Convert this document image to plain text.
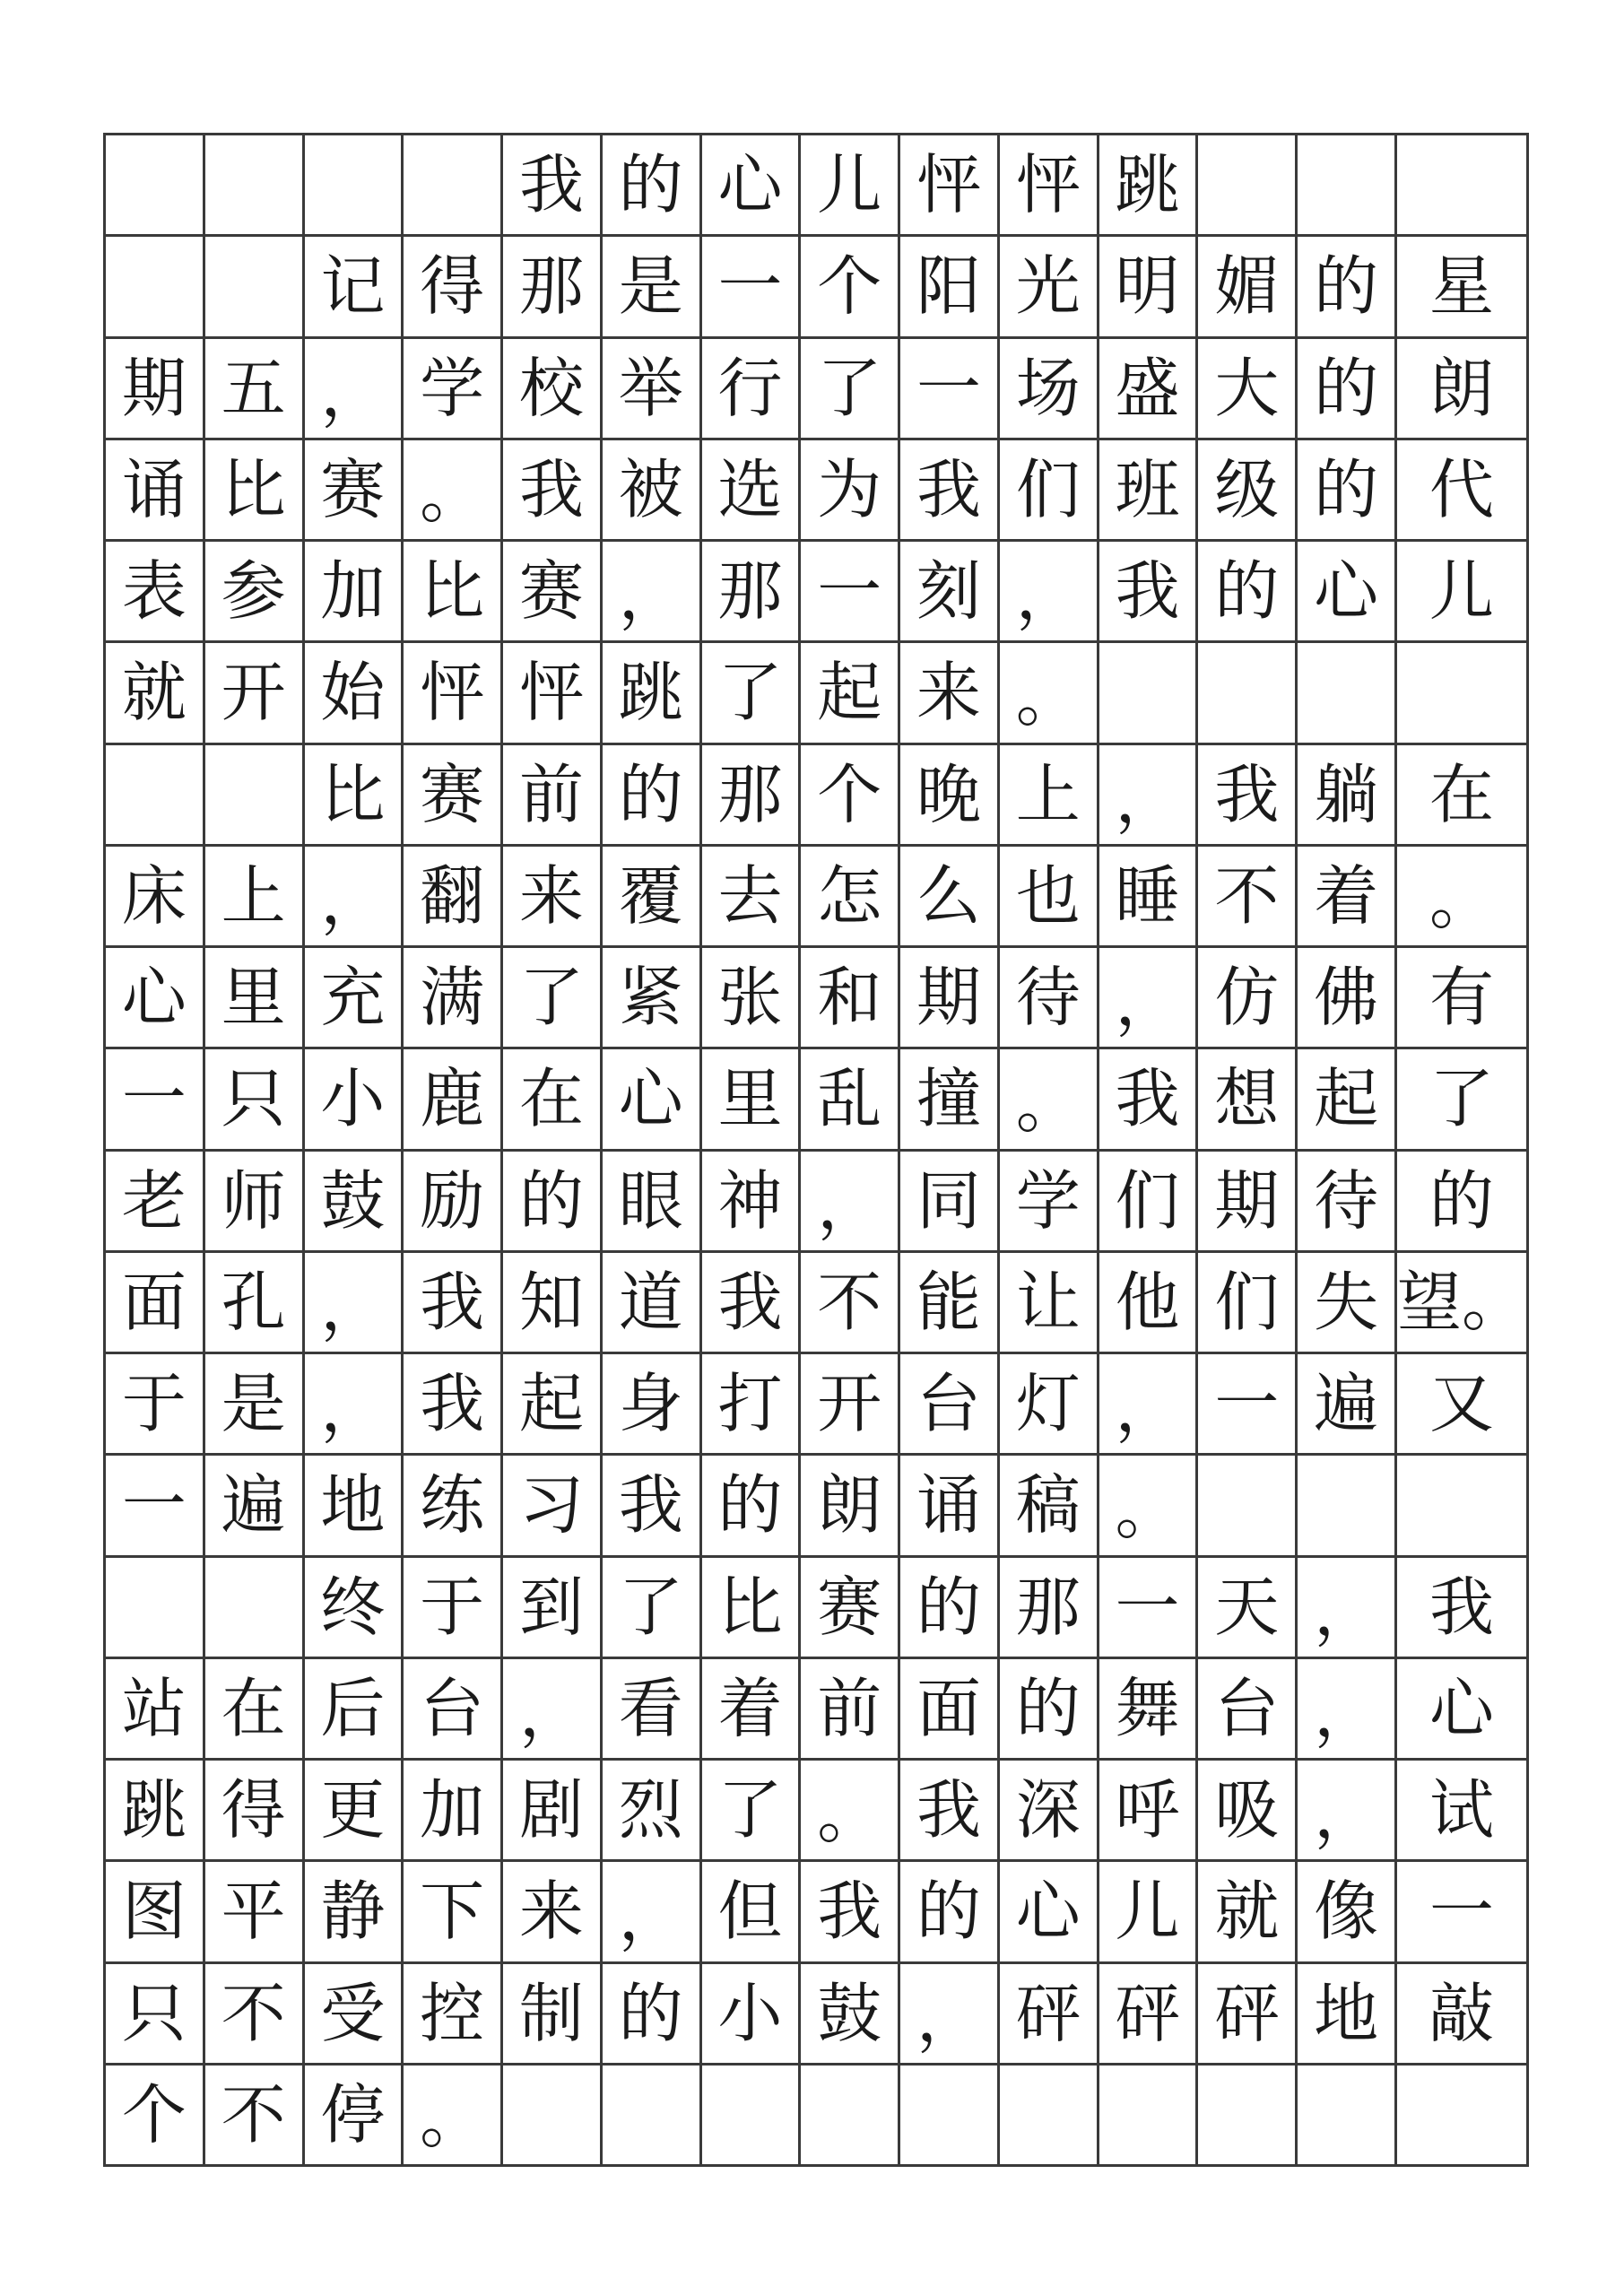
我 的 心 儿 怦 怦 跳
记 得 那 是 一 个 阳 光 明 媚 的 星
期 五 ， 学 校 举 行 了 一 场 盛 大 的 朗
诵 比 赛 。 我 被 选 为 我 们 班 级 的 代
表 参 加 比 赛 ， 那 一 刻 ， 我 的 心 儿
就 开 始 怦 怦 跳 了 起 来 。
比 赛 前 的 那 个 晚 上 ， 我 躺 在
床 上 ， 翻 来 覆 去 怎 么 也 睡 不 着 。
心 里 充 满 了 紧 张 和 期 待 ， 仿 佛 有
一 只 小 鹿 在 心 里 乱 撞 。 我 想 起 了
老 师 鼓 励 的 眼 神 ， 同 学 们 期 待 的
面 孔 ， 我 知 道 我 不 能 让 他 们 失 望。
于 是 ， 我 起 身 打 开 台 灯 ， 一 遍 又
一 遍 地 练 习 我 的 朗 诵 稿 。
终 于 到 了 比 赛 的 那 一 天 ， 我
站 在 后 台 ， 看 着 前 面 的 舞 台 ， 心
跳 得 更 加 剧 烈 了 。 我 深 呼 吸 ， 试
图 平 静 下 来 ， 但 我 的 心 儿 就 像 一
只 不 受 控 制 的 小 鼓 ， 砰 砰 砰 地 敲
个 不 停 。
